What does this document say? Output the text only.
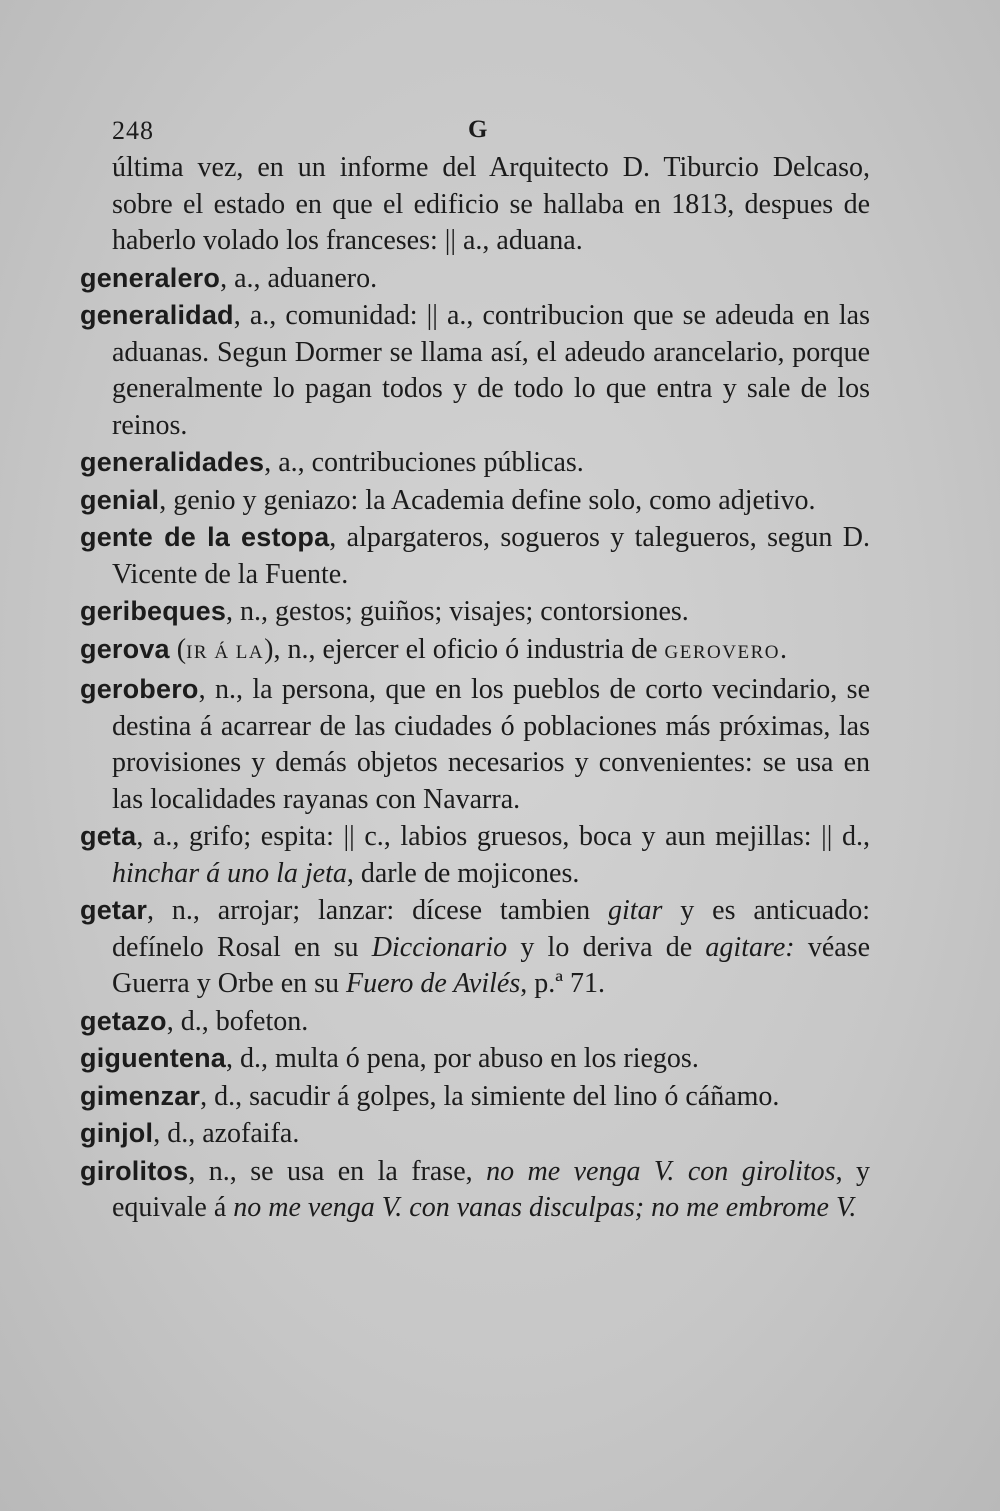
248	G

última vez, en un informe del Arquitecto D. Tiburcio Delcaso, sobre el estado en que el edificio se hallaba en 1813, despues de haberlo volado los franceses: || a., aduana.

generalero, a., aduanero.

generalidad, a., comunidad: || a., contribucion que se adeuda en las aduanas. Segun Dormer se llama así, el adeudo arancelario, porque generalmente lo pagan todos y de todo lo que entra y sale de los reinos.

generalidades, a., contribuciones públicas.

genial, genio y geniazo: la Academia define solo, como adjetivo.

gente de la estopa, alpargateros, sogueros y talegueros, segun D. Vicente de la Fuente.

geribeques, n., gestos; guiños; visajes; contorsiones.

gerova (IR Á LA), n., ejercer el oficio ó industria de GEROVERO.

gerobero, n., la persona, que en los pueblos de corto vecindario, se destina á acarrear de las ciudades ó poblaciones más próximas, las provisiones y demás objetos necesarios y convenientes: se usa en las localidades rayanas con Navarra.

geta, a., grifo; espita: || c., labios gruesos, boca y aun mejillas: || d., hinchar á uno la jeta, darle de mojicones.

getar, n., arrojar; lanzar: dícese tambien gitar y es anticuado: defínelo Rosal en su Diccionario y lo deriva de agitare: véase Guerra y Orbe en su Fuero de Avilés, p.ª 71.

getazo, d., bofeton.

giguentena, d., multa ó pena, por abuso en los riegos.

gimenzar, d., sacudir á golpes, la simiente del lino ó cáñamo.

ginjol, d., azofaifa.

girolitos, n., se usa en la frase, no me venga V. con girolitos, y equivale á no me venga V. con vanas disculpas; no me embrome V.
